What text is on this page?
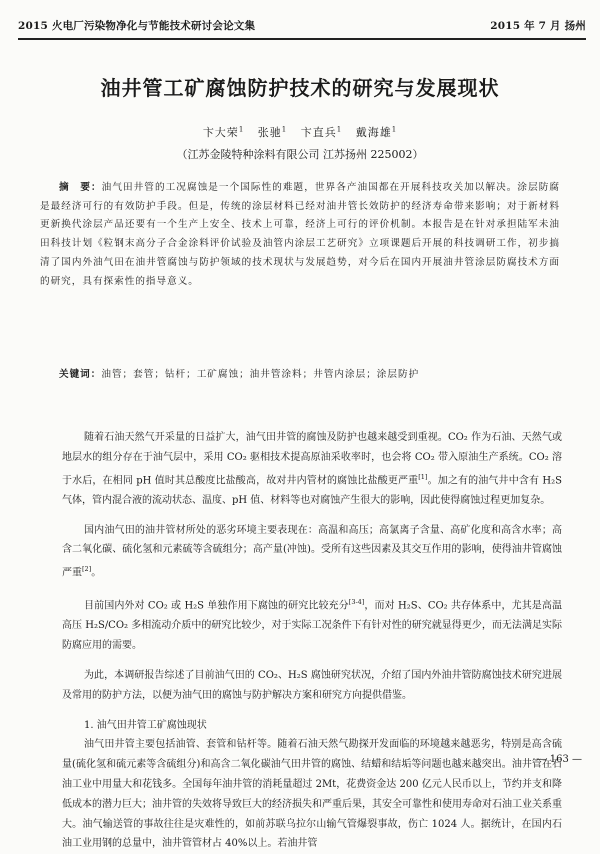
2015 火电厂污染物净化与节能技术研讨会论文集	2015 年 7 月 扬州
油井管工矿腐蚀防护技术的研究与发展现状
卞大荣$^1$ 张驰$^1$ 卞直兵$^1$ 戴海雄$^1$
（江苏金陵特种涂料有限公司 江苏扬州 225002）
摘　要：油气田井管的工况腐蚀是一个国际性的难题，世界各产油国都在开展科技攻关加以解决。涂层防腐是最经济可行的有效防护手段。但是，传统的涂层材料已经对油井管长效防护的经济寿命带来影响；对于新材料更新换代涂层产品还要有一个生产上安全、技术上可靠，经济上可行的评价机制。本报告是在针对承担陆军未油田科技计划《粒钢末高分子合金涂料评价试验及油管内涂层工艺研究》立项课题后开展的科技调研工作，初步搞清了国内外油气田在油井管腐蚀与防护领域的技术现状与发展趋势，对今后在国内开展油井管涂层防腐技术方面的研究，具有探索性的指导意义。
关键词：油管；套管；钻杆；工矿腐蚀；油井管涂料；井管内涂层；涂层防护

随着石油天然气开采量的日益扩大，油气田井管的腐蚀及防护也越来越受到重视。CO₂ 作为石油、天然气或地层水的组分存在于油气层中，采用 CO₂ 驱相技术提高原油采收率时，也会将 CO₂ 带入原油生产系统。CO₂ 溶于水后，在相同 pH 值时其总酸度比盐酸高，故对井内管材的腐蚀比盐酸更严重[1]。加之有的油气井中含有 H₂S 气体，管内混合液的流动状态、温度、pH 值、材料等也对腐蚀产生很大的影响，因此使得腐蚀过程更加复杂。

国内油气田的油井管材所处的恶劣环境主要表现在：高温和高压；高氯离子含量、高矿化度和高含水率；高含二氧化碳、硫化氢和元素硫等含硫组分；高产量(冲蚀)。受所有这些因素及其交互作用的影响，使得油井管腐蚀严重[2]。

目前国内外对 CO₂ 或 H₂S 单独作用下腐蚀的研究比较充分[3-4]，而对 H₂S、CO₂ 共存体系中，尤其是高温高压 H₂S/CO₂ 多相流动介质中的研究比较少，对于实际工况条件下有针对性的研究就显得更少，而无法满足实际防腐应用的需要。

为此，本调研报告综述了目前油气田的 CO₂、H₂S 腐蚀研究状况，介绍了国内外油井管防腐蚀技术研究进展及常用的防护方法，以便为油气田的腐蚀与防护解决方案和研究方向提供借鉴。

1. 油气田井管工矿腐蚀现状

油气田井管主要包括油管、套管和钻杆等。随着石油天然气勘探开发面临的环境越来越恶劣，特别是高含硫量(硫化氢和硫元素等含硫组分)和高含二氧化碳油气田井管的腐蚀、结蜡和结垢等问题也越来越突出。油井管在石油工业中用量大和花钱多。全国每年油井管的消耗量超过 2Mt，花费资金达 200 亿元人民币以上，节约并支和降低成本的潜力巨大；油井管的失效将导致巨大的经济损失和严重后果，其安全可靠性和使用寿命对石油工业关系重大。油气输送管的事故往往是灾难性的，如前苏联乌拉尔山输气管爆裂事故，伤亡 1024 人。据统计，在国内石油工业用钢的总量中，油井管管材占 40%以上。若油井管

— 163 —
